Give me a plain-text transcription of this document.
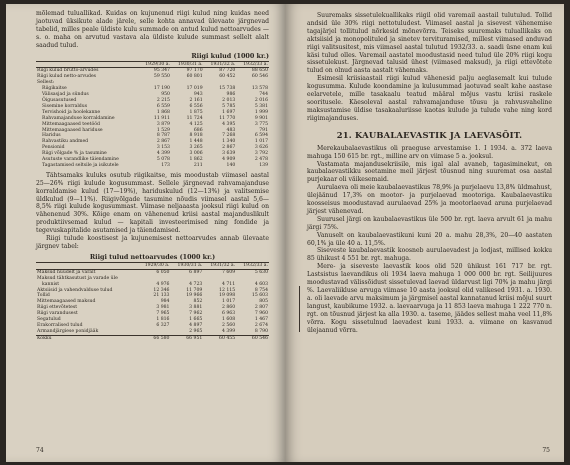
mõlemad tuluallikad. Kuidas on kujunenud riigi kulud ning kuidas need jaotuvad üksikute alade järele, selle kohta annavad ülevaate järgnevad tabelid, milles peale üldiste kulu summade on antud kulud nettoarvudes — s. o. maha on arvutud vastava ala üldiste kulude summast sellelt alalt saadud tulud.

Riigi kulud (1000 kr.)
	1929/30 a.	1930/31 a.	1931/32 a.	1932/33 a.
Riigi kulud brutto-arvudes	95 347	97 170	87 720	88 650
Riigi kulud netto-arvudes	59 550	60 801	60 452	60 546
Sellest:				
Riigikaitse	17 190	17 019	15 738	13 578
Välisasjad ja sündus	950	943	986	744
Õigusasutused	2 215	2 161	2 013	2 016
Sisemine korraldus	6 559	6 556	5 785	5 381
Tervishoid ja hoolekanne	1 868	1 875	1 697	1 999
Rahvamajanduse korraldamine	11 911	11 724	11 770	9 901
Mittemaagaased teetööd	3 879	4 125	4 395	3 775
Mittemaagaased hariduse	1 529	686	483	791
Haridus	8 787	8 918	7 268	6 594
Rahvastiku andmed	2 867	1 448	1 340	1 017
Pensionid	3 153	3 265	2 867	3 626
Riigi võlgade % ja tasumine	4 399	3 006	3 639	3 792
Asutuste varandlike täiendamine	5 078	1 862	4 909	2 478
Tagastamised seltsile ja isikutele	173	211	140	139

Tähtsamaks kuluks osutub riigikaitse, mis moodustab viimasel aastal 25—26% riigi kulude kogusummast. Sellele järgnevad rahvamajanduse korraldamise kulud (17—19%), hariduskulud (12—13%) ja valitsemise üldkulud (9—11%). Riigivõlgade tasumine nõudis viimasel aastal 5,6—8,5% riigi kulude kogusummast. Viimase neljaaasta jooksul riigi kulud on vähenenud 30%. Kõige enam on vähenenud kriisi aastal majanduslikult produktiivsemad kulud — kapitali investeerimised ning fondide ja tegevuskapitalide asutamised ja täiendamised.

Riigi tulude koostisest ja kujunemisest nettoarvudes annab ülevaate järgnev tabel:

Riigi tulud nettoarvudes (1000 kr.)
	1929/30 a.	1930/31 a.	1931/32 a.	1932/33 a.
Maksud hüüdelt ja varalt	6 050	6 897	7 609	5 630
Maksud tähtkasutust ja varade üle				
kannist	4 976	4 723	4 711	4 603
Aktsiisid ja vahendvalduse tulud	12 346	11 709	12 115	8 754
Tollid	21 133	19 966	19 098	15 603
Mittemaagaased maksud	984	852	1 017	805
Riigi ettevõtetest	3 981	3 881	2 860	2 807
Riigi varandusest	7 965	7 962	6 963	7 960
Segatulud	1 816	1 665	1 608	1 467
Erakorralised tulud	6 327	4 897	2 560	2 674
Armandjärgiese ponidjääk		2 965	4 399	8 790
Kokku	66 580	66 951	60 455	60 546
74

Suuremaks sissetulekuallikaks riigil olid varemail aastail tulutulud. Tollid andsid üle 30% riigi nettotuludest. Viimasel aastal ja sisevest vähenemise tagajärjel tollitulud nõrkesid mõnevõrra. Teiseks suuremaks tuluallikaks on aktsiisid ja monopolituled ja sinetev tervituramised, millest viimased anduvad riigi valitsusitest, mis viimasel aastal tulutud 1932/33. a. saadi üsne enam kui käsi tulud olles. Varemail aastatel moodustasid need tulud üle 20% riigi kogu sissetulekust. Järgnevad talusid ühest (viimased maksud), ja riigi ettevõtete tulud on olnud aasta aastalt vähemaks.

Esimesil kriisiaastail riigi kulud vähenesid palju aeglasemalt kui tulude kogusumma. Kulude koondamine ja kulusummad jaotuvad sealt kahe aastase eelarvetele, mille tasakaalu teatud määral mõjus vastu kriisi raskele sooritusele. Käesoleval aastal rahvamajanduse tõusu ja rahvusvaheline maksustamise üldise tasakaaluriisse kaotas kulude ja tulude vahe ning kord riigimajanduses.

21. KAUBALAEVASTIK JA LAEVASÕIT.

Merekaubalaevastikus oli praeguse arvestamise 1. I 1934. a. 372 laeva mahuga 150 615 br. rgt., milline arv on viimase 5 a. jooksul.

Vastamata majandusekriisile, mis igal alal avaneb, tagasiminekut, on kaubalaevastikku soetamine meil järjest tõusnud ning suuremat osa aastal purjekaar oli väikesemaid.

Aurulaeva oli meie kaubalaevastikus 78,9% ja purjelaevu 13,8% üldmahust, ülejäänud 17,3% on mootor- ja purjelaevad mootoriga. Kaubalaevastiku koosseisus moodustavad aurulaevad 25% ja mootorlaevad aruna purjelaevad järjest vähenevad.

Suurusel järgi on kaubalaevastikus üle 500 br. rgt. laeva arvult 61 ja mahu järgi 75%.

Vanuselt on kaubalaevastikuni kuni 20 a. mahu 28,3%, 20—40 aastaten 60,1% ja üle 40 a. 11,5%.

Siseveste kaubalaevastik koosneb aurulaevadest ja lodjast, millised kokku 85 ühikust 4 551 br. rgt. mahuga.

Mere- ja siseveste laevastik koos olid 520 ühikust 161 717 br. rgt. Lastsistus laevandikus oli 1934 laeva mahuga 1 000 000 br. rgt. Seilijuures moodustavad välissõidust sissetulevad laevad üldarvust ligi 70% ja mahu järgi %. Laevaliikluse arvuga viimase 10 aasta jooksul olid valikesed 1931. a. 1930. a. oli laevade arvu maksimum ja järgmisel aastal kannatanud kriisi mõjul suurt langust, kaubikume 1932. a. laevaarvuga ja 11 853 laeva mahuga 1 222 770 n. rgt. on tõusnud järjest ka alla 1930. a. taseme, jäädes sellest maha veel 11,8% võrra. Kogu sissetulnud laevadest kuni 1933. a. viimane on kasvanud ülejaanud võrra.

75
